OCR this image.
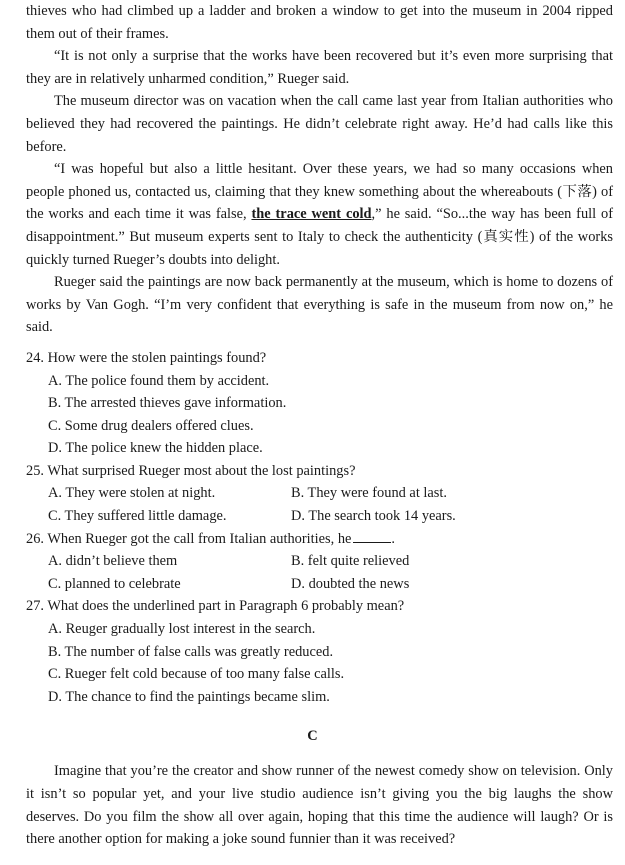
thieves who had climbed up a ladder and broken a window to get into the museum in 2004 ripped them out of their frames.

“It is not only a surprise that the works have been recovered but it’s even more surprising that they are in relatively unharmed condition,” Rueger said.

The museum director was on vacation when the call came last year from Italian authorities who believed they had recovered the paintings. He didn’t celebrate right away. He’d had calls like this before.

“I was hopeful but also a little hesitant. Over these years, we had so many occasions when people phoned us, contacted us, claiming that they knew something about the whereabouts (下落) of the works and each time it was false, the trace went cold,” he said. “So...the way has been full of disappointment.” But museum experts sent to Italy to check the authenticity (真实性) of the works quickly turned Rueger’s doubts into delight.

Rueger said the paintings are now back permanently at the museum, which is home to dozens of works by Van Gogh. “I’m very confident that everything is safe in the museum from now on,” he said.

24. How were the stolen paintings found?

A. The police found them by accident.

B. The arrested thieves gave information.

C. Some drug dealers offered clues.

D. The police knew the hidden place.

25. What surprised Rueger most about the lost paintings?

A. They were stolen at night.	B. They were found at last.

C. They suffered little damage.	D. The search took 14 years.

26. When Rueger got the call from Italian authorities, he	.

A. didn’t believe them	B. felt quite relieved

C. planned to celebrate	D. doubted the news

27. What does the underlined part in Paragraph 6 probably mean?

A. Reuger gradually lost interest in the search.

B. The number of false calls was greatly reduced.

C. Rueger felt cold because of too many false calls.

D. The chance to find the paintings became slim.

C

Imagine that you’re the creator and show runner of the newest comedy show on television. Only it isn’t so popular yet, and your live studio audience isn’t giving you the big laughs the show deserves. Do you film the show all over again, hoping that this time the audience will laugh? Or is there another option for making a joke sound funnier than it was received?
